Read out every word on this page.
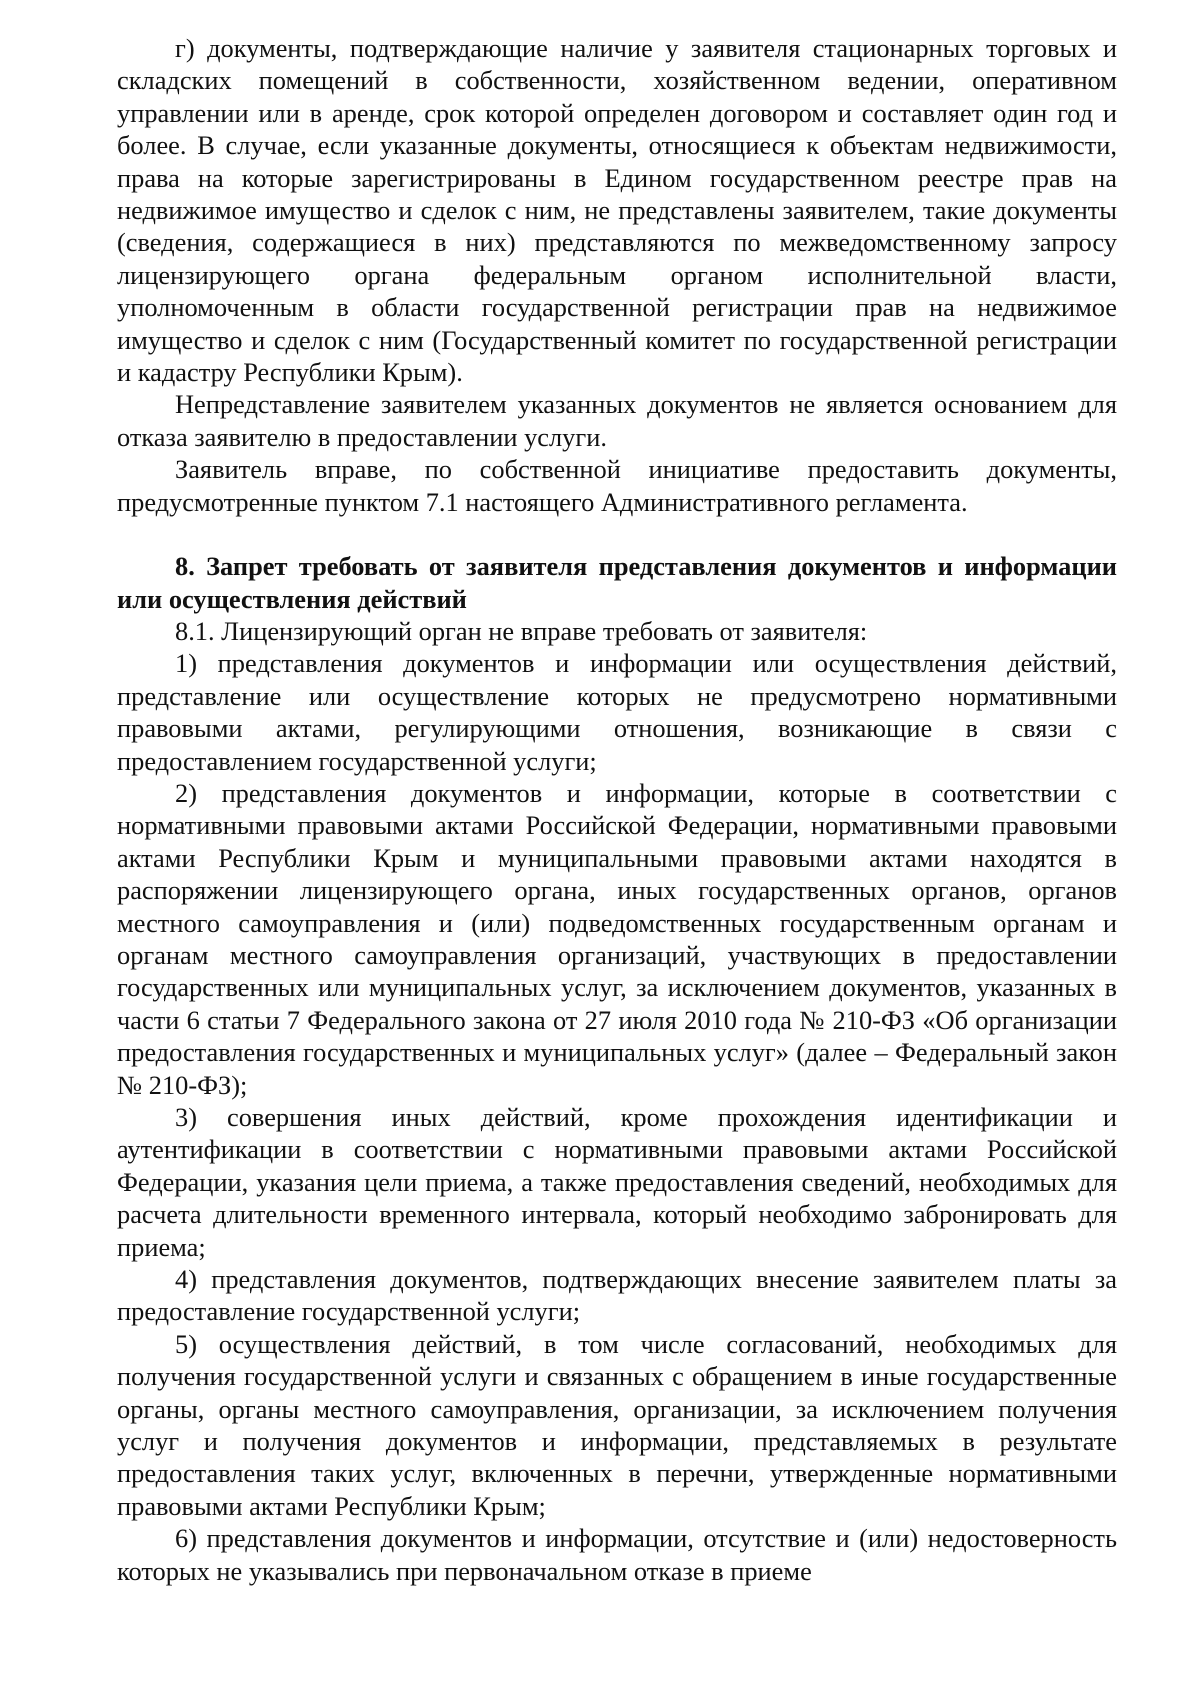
г) документы, подтверждающие наличие у заявителя стационарных торговых и складских помещений в собственности, хозяйственном ведении, оперативном управлении или в аренде, срок которой определен договором и составляет один год и более. В случае, если указанные документы, относящиеся к объектам недвижимости, права на которые зарегистрированы в Едином государственном реестре прав на недвижимое имущество и сделок с ним, не представлены заявителем, такие документы (сведения, содержащиеся в них) представляются по межведомственному запросу лицензирующего органа федеральным органом исполнительной власти, уполномоченным в области государственной регистрации прав на недвижимое имущество и сделок с ним (Государственный комитет по государственной регистрации и кадастру Республики Крым).

Непредставление заявителем указанных документов не является основанием для отказа заявителю в предоставлении услуги.

Заявитель вправе, по собственной инициативе предоставить документы, предусмотренные пунктом 7.1 настоящего Административного регламента.

8. Запрет требовать от заявителя представления документов и информации или осуществления действий

8.1. Лицензирующий орган не вправе требовать от заявителя:

1) представления документов и информации или осуществления действий, представление или осуществление которых не предусмотрено нормативными правовыми актами, регулирующими отношения, возникающие в связи с предоставлением государственной услуги;

2) представления документов и информации, которые в соответствии с нормативными правовыми актами Российской Федерации, нормативными правовыми актами Республики Крым и муниципальными правовыми актами находятся в распоряжении лицензирующего органа, иных государственных органов, органов местного самоуправления и (или) подведомственных государственным органам и органам местного самоуправления организаций, участвующих в предоставлении государственных или муниципальных услуг, за исключением документов, указанных в части 6 статьи 7 Федерального закона от 27 июля 2010 года № 210-ФЗ «Об организации предоставления государственных и муниципальных услуг» (далее – Федеральный закон № 210-ФЗ);

3) совершения иных действий, кроме прохождения идентификации и аутентификации в соответствии с нормативными правовыми актами Российской Федерации, указания цели приема, а также предоставления сведений, необходимых для расчета длительности временного интервала, который необходимо забронировать для приема;

4) представления документов, подтверждающих внесение заявителем платы за предоставление государственной услуги;

5) осуществления действий, в том числе согласований, необходимых для получения государственной услуги и связанных с обращением в иные государственные органы, органы местного самоуправления, организации, за исключением получения услуг и получения документов и информации, представляемых в результате предоставления таких услуг, включенных в перечни, утвержденные нормативными правовыми актами Республики Крым;

6) представления документов и информации, отсутствие и (или) недостоверность которых не указывались при первоначальном отказе в приеме
